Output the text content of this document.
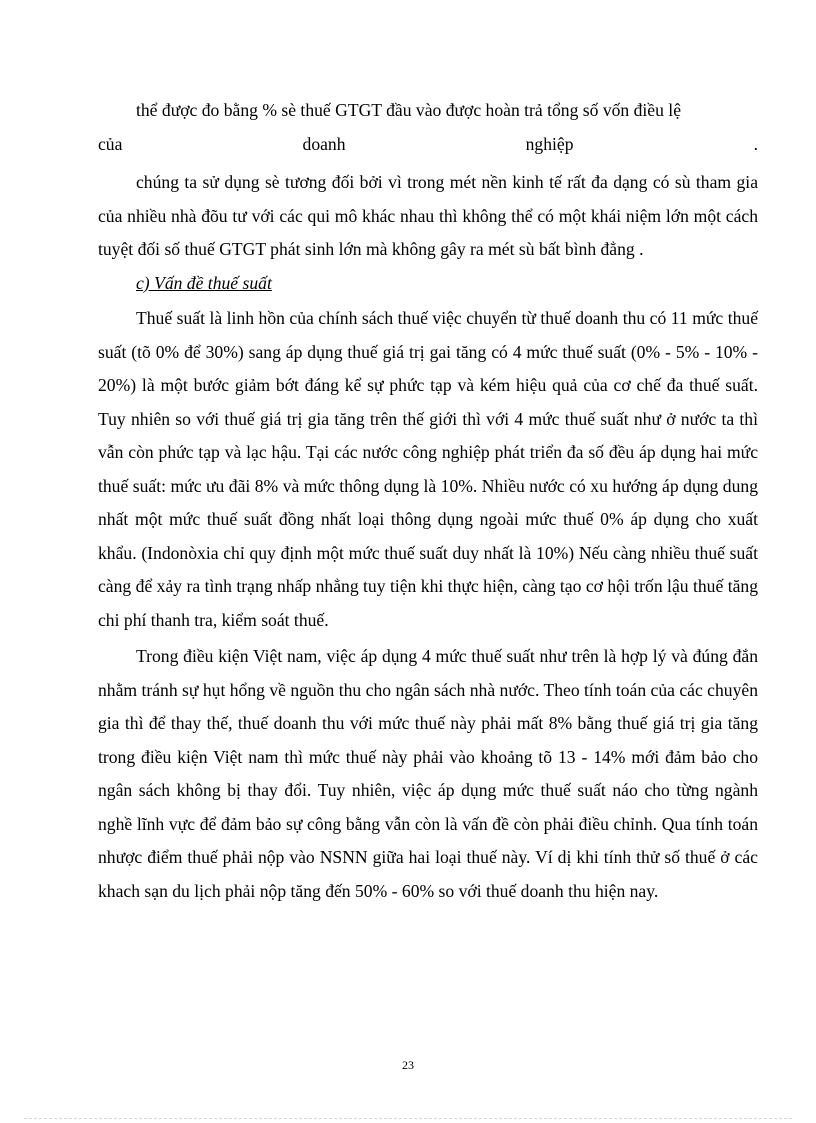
thể được đo bằng % sè thuế GTGT đầu vào được hoàn trả tổng số vốn điều lệ

của	doanh	nghiệp	.

chúng ta sử dụng sè tương đối bởi vì trong mét nền kinh tế rất đa dạng có sù tham gia của nhiều nhà đõu tư với các qui mô khác nhau thì không thể có một khái niệm lớn một cách tuyệt đối số thuế GTGT phát sinh lớn mà không gây ra mét sù bất bình đẳng .

c) Vấn đề thuế suất

Thuế suất là linh hồn của chính sách thuế việc chuyển từ thuế doanh thu có 11 mức thuế suất (tõ 0% để 30%) sang áp dụng thuế giá trị gai tăng có 4 mức thuế suất (0% - 5% - 10% - 20%) là một bước giảm bớt đáng kể sự phức tạp và kém hiệu quả của cơ chế đa thuế suất. Tuy nhiên so với thuế giá trị gia tăng trên thế giới thì với 4 mức thuế suất như ở nước ta thì vẫn còn phức tạp và lạc hậu. Tại các nước công nghiệp phát triển đa số đều áp dụng hai mức thuế suất: mức ưu đãi 8% và mức thông dụng là 10%. Nhiều nước có xu hướng áp dụng dung nhất một mức thuế suất đồng nhất loại thông dụng ngoài mức thuế 0% áp dụng cho xuất khẩu. (Indonòxia chỉ quy định một mức thuế suất duy nhất là 10%) Nếu càng nhiều thuế suất càng để xảy ra tình trạng nhấp nhẳng tuy tiện khi thực hiện, càng tạo cơ hội trốn lậu thuế tăng chi phí thanh tra, kiểm soát thuế.

Trong điều kiện Việt nam, việc áp dụng 4 mức thuế suất như trên là hợp lý và đúng đắn nhằm tránh sự hụt hổng về nguồn thu cho ngân sách nhà nước. Theo tính toán của các chuyên gia thì để thay thế, thuế doanh thu với mức thuế này phải mất 8% bằng thuế giá trị gia tăng trong điều kiện Việt nam thì mức thuế này phải vào khoảng tõ 13 - 14% mới đảm bảo cho ngân sách không bị thay đổi. Tuy nhiên, việc áp dụng mức thuế suất náo cho từng ngành nghề lĩnh vực để đảm bảo sự công bằng vẫn còn là vấn đề còn phải điều chỉnh. Qua tính toán nhược điểm thuế phải nộp vào NSNN giữa hai loại thuế này. Ví dị khi tính thử số thuế ở các khach sạn du lịch phải nộp tăng đến 50% - 60% so với thuế doanh thu hiện nay.

23
